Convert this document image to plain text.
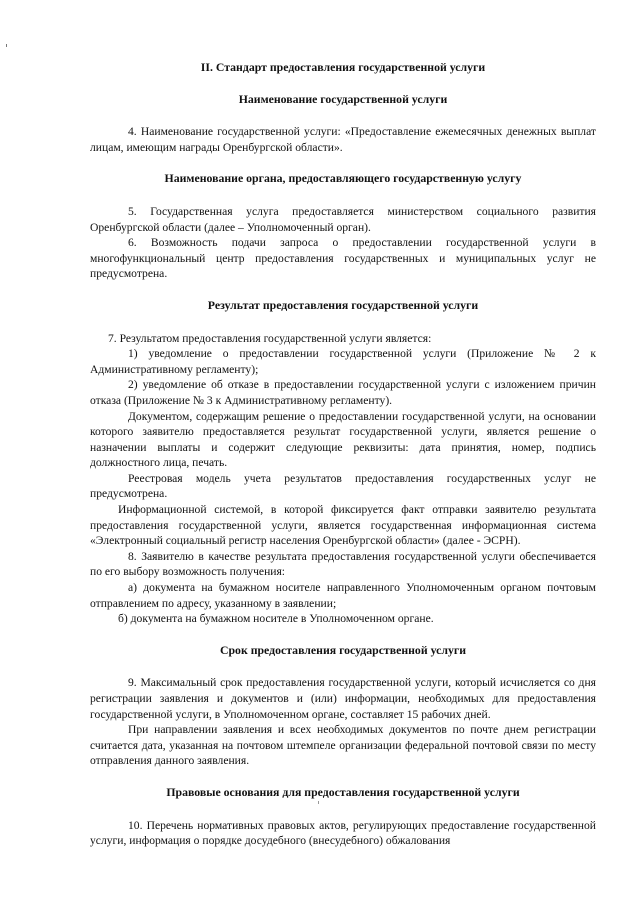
II. Стандарт предоставления государственной услуги
Наименование государственной услуги

4. Наименование государственной услуги: «Предоставление ежемесячных денежных выплат лицам, имеющим награды Оренбургской области».

Наименование органа, предоставляющего государственную услугу

5. Государственная услуга предоставляется министерством социального развития Оренбургской области (далее – Уполномоченный орган).

6. Возможность подачи запроса о предоставлении государственной услуги в многофункциональный центр предоставления государственных и муниципальных услуг не предусмотрена.

Результат предоставления государственной услуги

7. Результатом предоставления государственной услуги является:

1) уведомление о предоставлении государственной услуги (Приложение № 2 к Административному регламенту);

2) уведомление об отказе в предоставлении государственной услуги с изложением причин отказа (Приложение № 3 к Административному регламенту).

Документом, содержащим решение о предоставлении государственной услуги, на основании которого заявителю предоставляется результат государственной услуги, является решение о назначении выплаты и содержит следующие реквизиты: дата принятия, номер, подпись должностного лица, печать.

Реестровая модель учета результатов предоставления государственных услуг не предусмотрена.

Информационной системой, в которой фиксируется факт отправки заявителю результата предоставления государственной услуги, является государственная информационная система «Электронный социальный регистр населения Оренбургской области» (далее - ЭСРН).

8. Заявителю в качестве результата предоставления государственной услуги обеспечивается по его выбору возможность получения:

а) документа на бумажном носителе направленного Уполномоченным органом почтовым отправлением по адресу, указанному в заявлении;

б) документа на бумажном носителе в Уполномоченном органе.

Срок предоставления государственной услуги

9. Максимальный срок предоставления государственной услуги, который исчисляется со дня регистрации заявления и документов и (или) информации, необходимых для предоставления государственной услуги, в Уполномоченном органе, составляет 15 рабочих дней.

При направлении заявления и всех необходимых документов по почте днем регистрации считается дата, указанная на почтовом штемпеле организации федеральной почтовой связи по месту отправления данного заявления.

Правовые основания для предоставления государственной услуги

10. Перечень нормативных правовых актов, регулирующих предоставление государственной услуги, информация о порядке досудебного (внесудебного) обжалования
